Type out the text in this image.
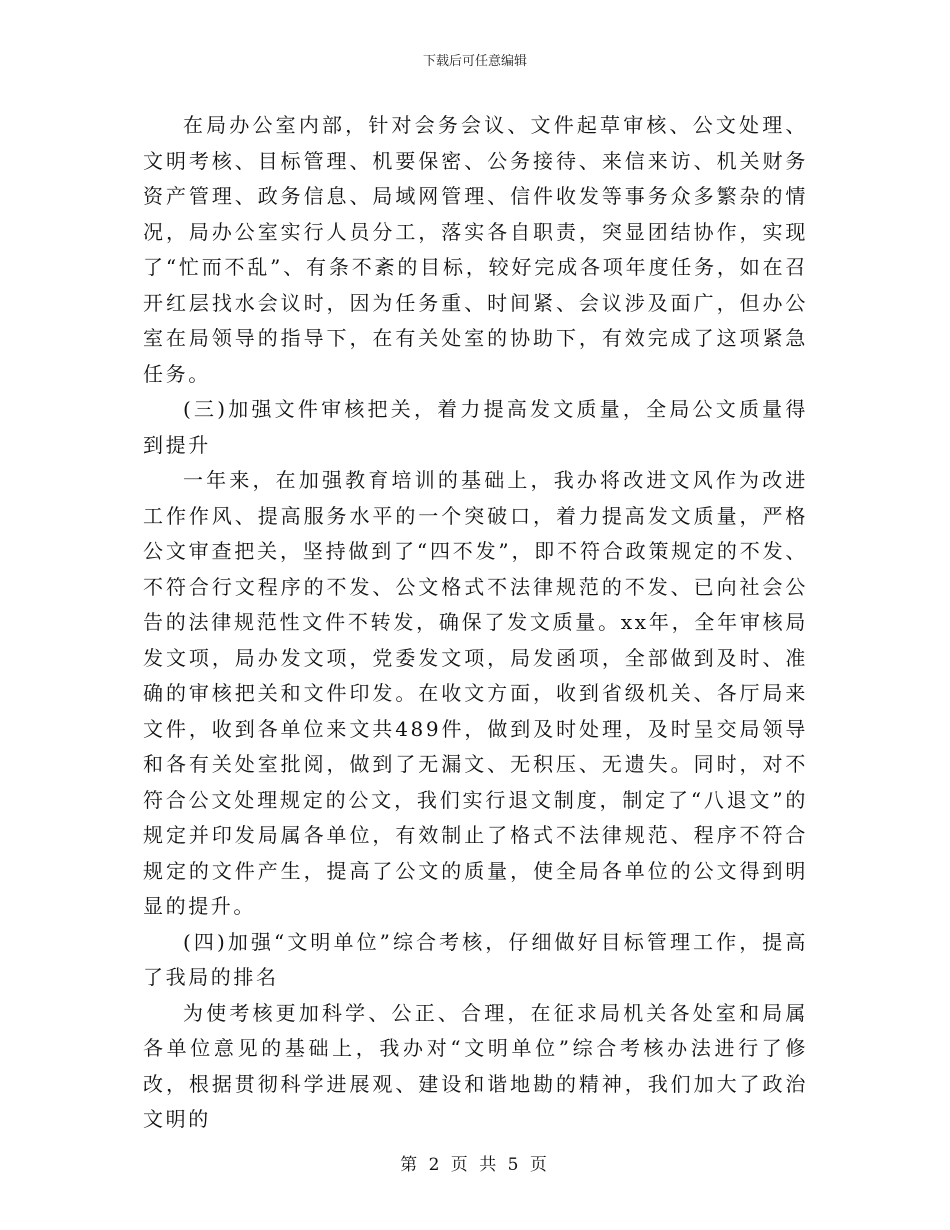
下载后可任意编辑

在局办公室内部，针对会务会议、文件起草审核、公文处理、文明考核、目标管理、机要保密、公务接待、来信来访、机关财务资产管理、政务信息、局域网管理、信件收发等事务众多繁杂的情况，局办公室实行人员分工，落实各自职责，突显团结协作，实现了“忙而不乱”、有条不紊的目标，较好完成各项年度任务，如在召开红层找水会议时，因为任务重、时间紧、会议涉及面广，但办公室在局领导的指导下，在有关处室的协助下，有效完成了这项紧急任务。

(三)加强文件审核把关，着力提高发文质量，全局公文质量得到提升

一年来，在加强教育培训的基础上，我办将改进文风作为改进工作作风、提高服务水平的一个突破口，着力提高发文质量，严格公文审查把关，坚持做到了“四不发”，即不符合政策规定的不发、不符合行文程序的不发、公文格式不法律规范的不发、已向社会公告的法律规范性文件不转发，确保了发文质量。xx年，全年审核局发文项，局办发文项，党委发文项，局发函项，全部做到及时、准确的审核把关和文件印发。在收文方面，收到省级机关、各厅局来文件，收到各单位来文共489件，做到及时处理，及时呈交局领导和各有关处室批阅，做到了无漏文、无积压、无遗失。同时，对不符合公文处理规定的公文，我们实行退文制度，制定了“八退文”的规定并印发局属各单位，有效制止了格式不法律规范、程序不符合规定的文件产生，提高了公文的质量，使全局各单位的公文得到明显的提升。

(四)加强“文明单位”综合考核，仔细做好目标管理工作，提高了我局的排名

为使考核更加科学、公正、合理，在征求局机关各处室和局属各单位意见的基础上，我办对“文明单位”综合考核办法进行了修改，根据贯彻科学进展观、建设和谐地勘的精神，我们加大了政治文明的

第 2 页 共 5 页
